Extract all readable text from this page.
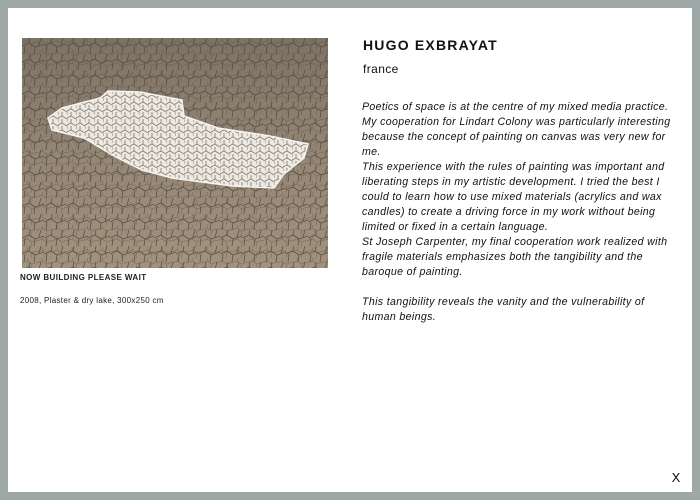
NOW BUILDING PLEASE WAIT
2008, Plaster & dry lake, 300x250 cm
HUGO EXBRAYAT
france

Poetics of space is at the centre of my mixed media practice. My cooperation for Lindart Colony was particularly interesting because the concept of painting on canvas was very new for me.

This experience with the rules of painting was important and liberating steps in my artistic development. I tried the best I could to learn how to use mixed materials (acrylics and wax candles) to create a driving force in my work without being limited or fixed in a certain language.

St Joseph Carpenter, my final cooperation work realized with fragile materials emphasizes both the tangibility and the baroque of painting.

This tangibility reveals the vanity and the vulnerability of human beings.

X
